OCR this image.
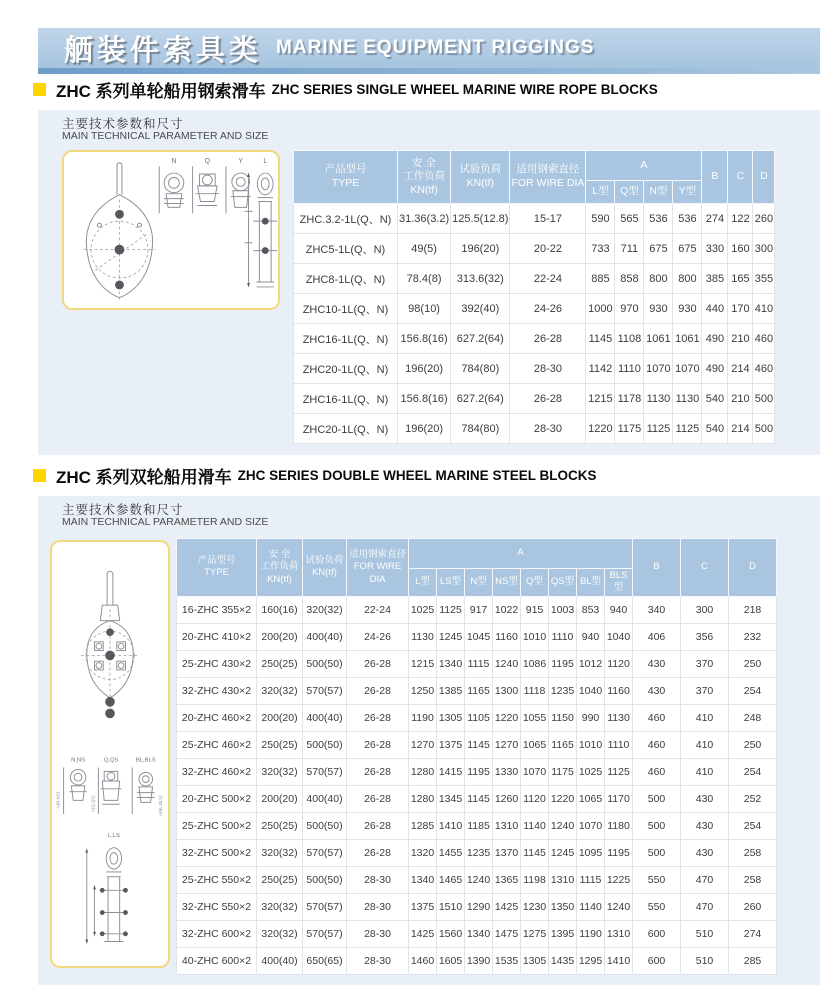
舾装件索具类 MARINE EQUIPMENT RIGGINGS
ZHC 系列单轮船用钢索滑车 ZHC SERIES SINGLE WHEEL MARINE WIRE ROPE BLOCKS
主要技术参数和尺寸
MAIN TECHNICAL PARAMETER AND SIZE
N	Q	Y	L
产品型号
TYPE	安 全
工作负荷
KN(tf)	试验负荷
KN(tf)	适用钢索直径
FOR WIRE DIA	A				B	C	D
				L型	Q型	N型	Y型			
ZHC.3.2-1L(Q、N)	31.36(3.2)	125.5(12.8)	15-17	590	565	536	536	274	122	260
ZHC5-1L(Q、N)	49(5)	196(20)	20-22	733	711	675	675	330	160	300
ZHC8-1L(Q、N)	78.4(8)	313.6(32)	22-24	885	858	800	800	385	165	355
ZHC10-1L(Q、N)	98(10)	392(40)	24-26	1000	970	930	930	440	170	410
ZHC16-1L(Q、N)	156.8(16)	627.2(64)	26-28	1145	1108	1061	1061	490	210	460
ZHC20-1L(Q、N)	196(20)	784(80)	28-30	1142	1110	1070	1070	490	214	460
ZHC16-1L(Q、N)	156.8(16)	627.2(64)	26-28	1215	1178	1130	1130	540	210	500
ZHC20-1L(Q、N)	196(20)	784(80)	28-30	1220	1175	1125	1125	540	214	500
ZHC 系列双轮船用滑车 ZHC SERIES DOUBLE WHEEL MARINE STEEL BLOCKS
主要技术参数和尺寸
MAIN TECHNICAL PARAMETER AND SIZE
N,NS	Q,QS	BL,BLS
A(N.NS)	A(Q.QS)	A(BL.BLS)
L,LS
产品型号
TYPE	安 全
工作负荷
KN(tf)	试验负荷
KN(tf)	适用钢索直径
FOR WIRE DIA	A								B	C	D
				L型	LS型	N型	NS型	Q型	QS型	BL型	BLS型			
16-ZHC 355×2	160(16)	320(32)	22-24	1025	1125	917	1022	915	1003	853	940	340	300	218
20-ZHC 410×2	200(20)	400(40)	24-26	1130	1245	1045	1160	1010	1110	940	1040	406	356	232
25-ZHC 430×2	250(25)	500(50)	26-28	1215	1340	1115	1240	1086	1195	1012	1120	430	370	250
32-ZHC 430×2	320(32)	570(57)	26-28	1250	1385	1165	1300	1118	1235	1040	1160	430	370	254
20-ZHC 460×2	200(20)	400(40)	26-28	1190	1305	1105	1220	1055	1150	990	1130	460	410	248
25-ZHC 460×2	250(25)	500(50)	26-28	1270	1375	1145	1270	1065	1165	1010	1110	460	410	250
32-ZHC 460×2	320(32)	570(57)	26-28	1280	1415	1195	1330	1070	1175	1025	1125	460	410	254
20-ZHC 500×2	200(20)	400(40)	26-28	1280	1345	1145	1260	1120	1220	1065	1170	500	430	252
25-ZHC 500×2	250(25)	500(50)	26-28	1285	1410	1185	1310	1140	1240	1070	1180	500	430	254
32-ZHC 500×2	320(32)	570(57)	26-28	1320	1455	1235	1370	1145	1245	1095	1195	500	430	258
25-ZHC 550×2	250(25)	500(50)	28-30	1340	1465	1240	1365	1198	1310	1115	1225	550	470	258
32-ZHC 550×2	320(32)	570(57)	28-30	1375	1510	1290	1425	1230	1350	1140	1240	550	470	260
32-ZHC 600×2	320(32)	570(57)	28-30	1425	1560	1340	1475	1275	1395	1190	1310	600	510	274
40-ZHC 600×2	400(40)	650(65)	28-30	1460	1605	1390	1535	1305	1435	1295	1410	600	510	285
